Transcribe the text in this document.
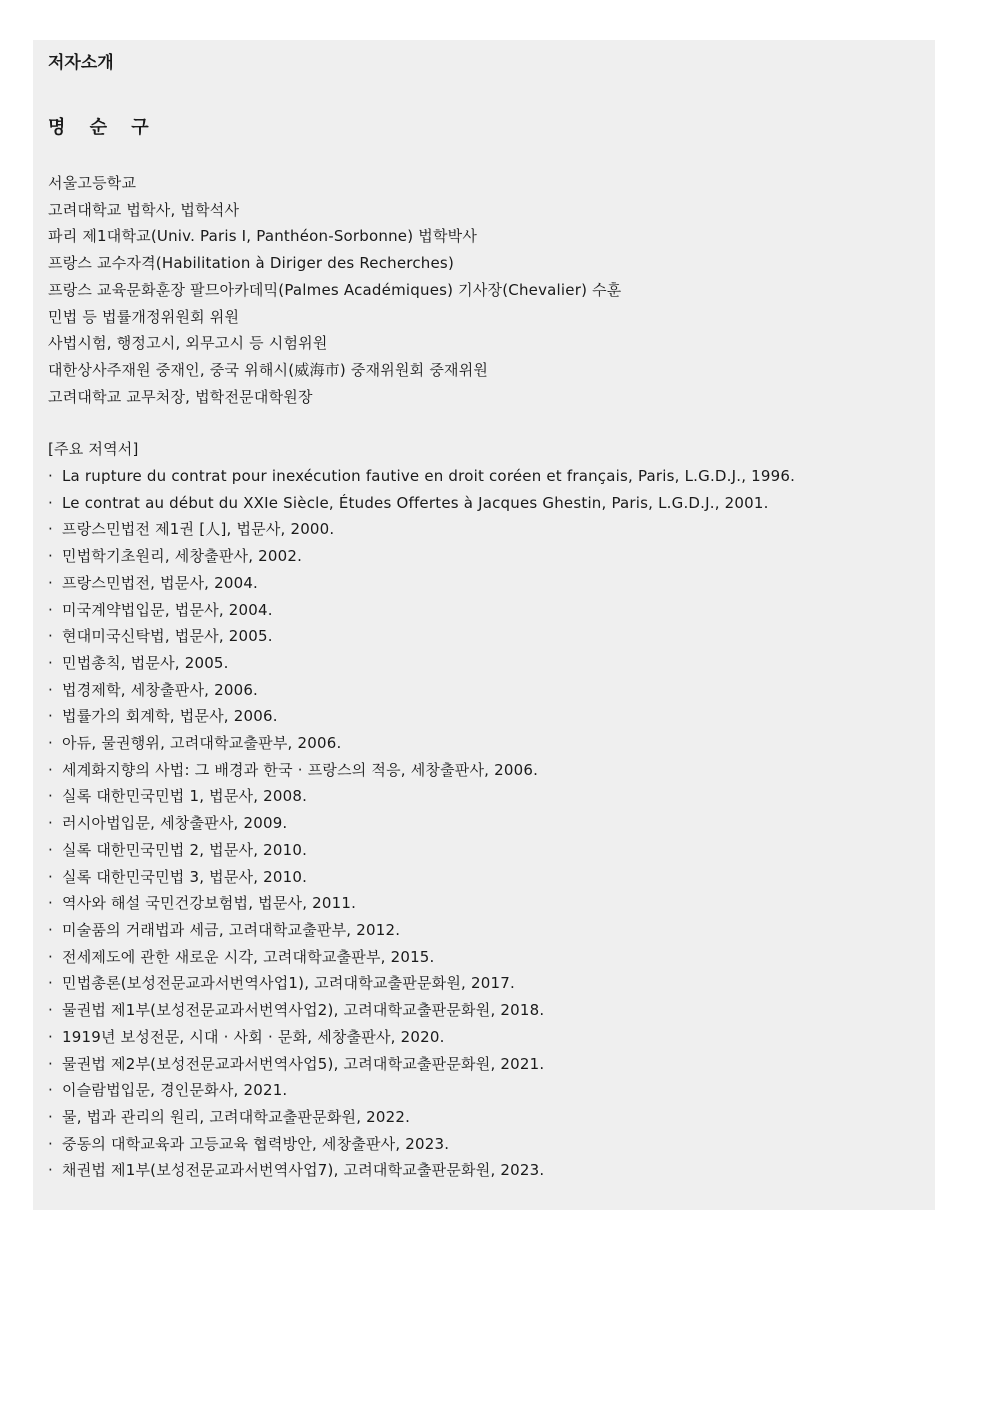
저자소개
명 순 구
서울고등학교
고려대학교 법학사, 법학석사
파리 제1대학교(Univ. Paris I, Panthéon-Sorbonne) 법학박사
프랑스 교수자격(Habilitation à Diriger des Recherches)
프랑스 교육문화훈장 팔므아카데믹(Palmes Académiques) 기사장(Chevalier) 수훈
민법 등 법률개정위원회 위원
사법시험, 행정고시, 외무고시 등 시험위원
대한상사주재원 중재인, 중국 위해시(威海市) 중재위원회 중재위원
고려대학교 교무처장, 법학전문대학원장
[주요 저역서]
· La rupture du contrat pour inexécution fautive en droit coréen et français, Paris, L.G.D.J., 1996.
· Le contrat au début du XXIe Siècle, Études Offertes à Jacques Ghestin, Paris, L.G.D.J., 2001.
· 프랑스민법전 제1권 [人], 법문사, 2000.
· 민법학기초원리, 세창출판사, 2002.
· 프랑스민법전, 법문사, 2004.
· 미국계약법입문, 법문사, 2004.
· 현대미국신탁법, 법문사, 2005.
· 민법총칙, 법문사, 2005.
· 법경제학, 세창출판사, 2006.
· 법률가의 회계학, 법문사, 2006.
· 아듀, 물권행위, 고려대학교출판부, 2006.
· 세계화지향의 사법: 그 배경과 한국 · 프랑스의 적응, 세창출판사, 2006.
· 실록 대한민국민법 1, 법문사, 2008.
· 러시아법입문, 세창출판사, 2009.
· 실록 대한민국민법 2, 법문사, 2010.
· 실록 대한민국민법 3, 법문사, 2010.
· 역사와 해설 국민건강보험법, 법문사, 2011.
· 미술품의 거래법과 세금, 고려대학교출판부, 2012.
· 전세제도에 관한 새로운 시각, 고려대학교출판부, 2015.
· 민법총론(보성전문교과서번역사업1), 고려대학교출판문화원, 2017.
· 물권법 제1부(보성전문교과서번역사업2), 고려대학교출판문화원, 2018.
· 1919년 보성전문, 시대 · 사회 · 문화, 세창출판사, 2020.
· 물권법 제2부(보성전문교과서번역사업5), 고려대학교출판문화원, 2021.
· 이슬람법입문, 경인문화사, 2021.
· 물, 법과 관리의 원리, 고려대학교출판문화원, 2022.
· 중동의 대학교육과 고등교육 협력방안, 세창출판사, 2023.
· 채권법 제1부(보성전문교과서번역사업7), 고려대학교출판문화원, 2023.
